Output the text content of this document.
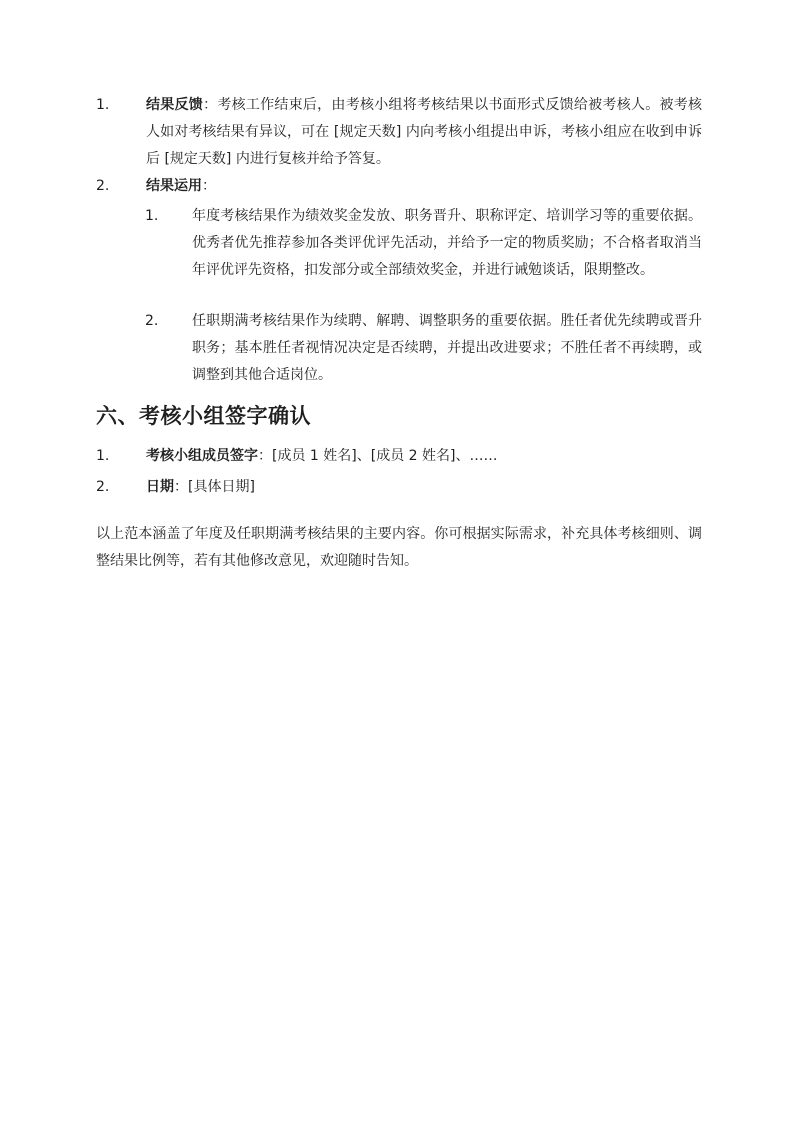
1.	结果反馈：考核工作结束后，由考核小组将考核结果以书面形式反馈给被考核人。被考核人如对考核结果有异议，可在 [规定天数] 内向考核小组提出申诉，考核小组应在收到申诉后 [规定天数] 内进行复核并给予答复。
2.	结果运用：
1.	年度考核结果作为绩效奖金发放、职务晋升、职称评定、培训学习等的重要依据。优秀者优先推荐参加各类评优评先活动，并给予一定的物质奖励；不合格者取消当年评优评先资格，扣发部分或全部绩效奖金，并进行诫勉谈话，限期整改。
2.	任职期满考核结果作为续聘、解聘、调整职务的重要依据。胜任者优先续聘或晋升职务；基本胜任者视情况决定是否续聘，并提出改进要求；不胜任者不再续聘，或调整到其他合适岗位。
六、考核小组签字确认
1.	考核小组成员签字：[成员 1 姓名]、[成员 2 姓名]、……
2.	日期：[具体日期]

以上范本涵盖了年度及任职期满考核结果的主要内容。你可根据实际需求，补充具体考核细则、调整结果比例等，若有其他修改意见，欢迎随时告知。
